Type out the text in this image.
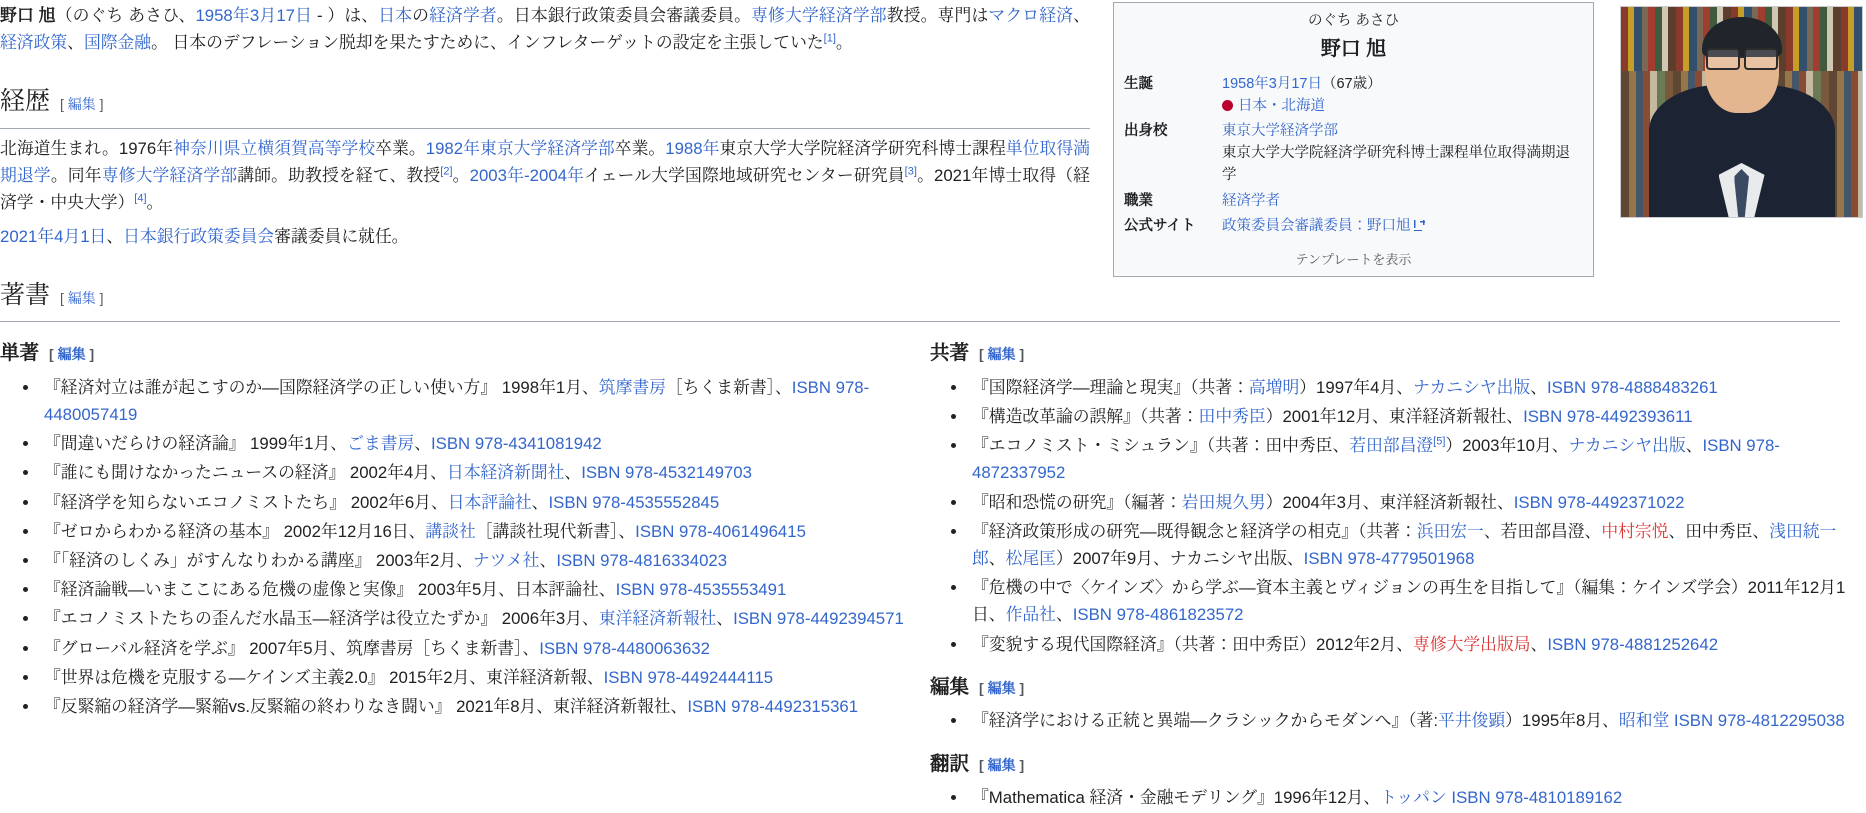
野口 旭（のぐち あさひ、1958年3月17日 - ）は、日本の経済学者。日本銀行政策委員会審議委員。専修大学経済学部教授。専門はマクロ経済、経済政策、国際金融。 日本のデフレーション脱却を果たすために、インフレターゲットの設定を主張していた[1]。

のぐち あさひ
野口 旭
生誕	1958年3月17日（67歳）
日本・北海道

出身校	東京大学経済学部
東京大学大学院経済学研究科博士課程単位取得満期退学

職業	経済学者
公式サイト	政策委員会審議委員：野口旭
テンプレートを表示
経歴 [ 編集 ]

北海道生まれ。1976年神奈川県立横須賀高等学校卒業。1982年東京大学経済学部卒業。1988年東京大学大学院経済学研究科博士課程単位取得満期退学。同年専修大学経済学部講師。助教授を経て、教授[2]。2003年-2004年イェール大学国際地域研究センター研究員[3]。2021年博士取得（経済学・中央大学）[4]。

2021年4月1日、日本銀行政策委員会審議委員に就任。

著書 [ 編集 ]
単著 [ 編集 ]
• 『経済対立は誰が起こすのか―国際経済学の正しい使い方』 1998年1月、筑摩書房［ちくま新書］、ISBN 978-4480057419
• 『間違いだらけの経済論』 1999年1月、ごま書房、ISBN 978-4341081942
• 『誰にも聞けなかったニュースの経済』 2002年4月、日本経済新聞社、ISBN 978-4532149703
• 『経済学を知らないエコノミストたち』 2002年6月、日本評論社、ISBN 978-4535552845
• 『ゼロからわかる経済の基本』 2002年12月16日、講談社［講談社現代新書］、ISBN 978-4061496415
• 『「経済のしくみ」がすんなりわかる講座』 2003年2月、ナツメ社、ISBN 978-4816334023
• 『経済論戦―いまここにある危機の虚像と実像』 2003年5月、日本評論社、ISBN 978-4535553491
• 『エコノミストたちの歪んだ水晶玉―経済学は役立たずか』 2006年3月、東洋経済新報社、ISBN 978-4492394571
• 『グローバル経済を学ぶ』 2007年5月、筑摩書房［ちくま新書］、ISBN 978-4480063632
• 『世界は危機を克服する―ケインズ主義2.0』 2015年2月、東洋経済新報、ISBN 978-4492444115
• 『反緊縮の経済学―緊縮vs.反緊縮の終わりなき闘い』 2021年8月、東洋経済新報社、ISBN 978-4492315361
共著 [ 編集 ]
• 『国際経済学―理論と現実』（共著：高増明）1997年4月、ナカニシヤ出版、ISBN 978-4888483261
• 『構造改革論の誤解』（共著：田中秀臣）2001年12月、東洋経済新報社、ISBN 978-4492393611
• 『エコノミスト・ミシュラン』（共著：田中秀臣、若田部昌澄[5]）2003年10月、ナカニシヤ出版、ISBN 978-4872337952
• 『昭和恐慌の研究』（編著：岩田規久男）2004年3月、東洋経済新報社、ISBN 978-4492371022
• 『経済政策形成の研究―既得観念と経済学の相克』（共著：浜田宏一、若田部昌澄、中村宗悦、田中秀臣、浅田統一郎、松尾匡）2007年9月、ナカニシヤ出版、ISBN 978-4779501968
• 『危機の中で〈ケインズ〉から学ぶ―資本主義とヴィジョンの再生を目指して』（編集：ケインズ学会）2011年12月1日、作品社、ISBN 978-4861823572
• 『変貌する現代国際経済』（共著：田中秀臣）2012年2月、専修大学出版局、ISBN 978-4881252642
編集 [ 編集 ]
• 『経済学における正統と異端―クラシックからモダンへ』（著:平井俊顕）1995年8月、昭和堂 ISBN 978-4812295038
翻訳 [ 編集 ]
• 『Mathematica 経済・金融モデリング』1996年12月、トッパン ISBN 978-4810189162
